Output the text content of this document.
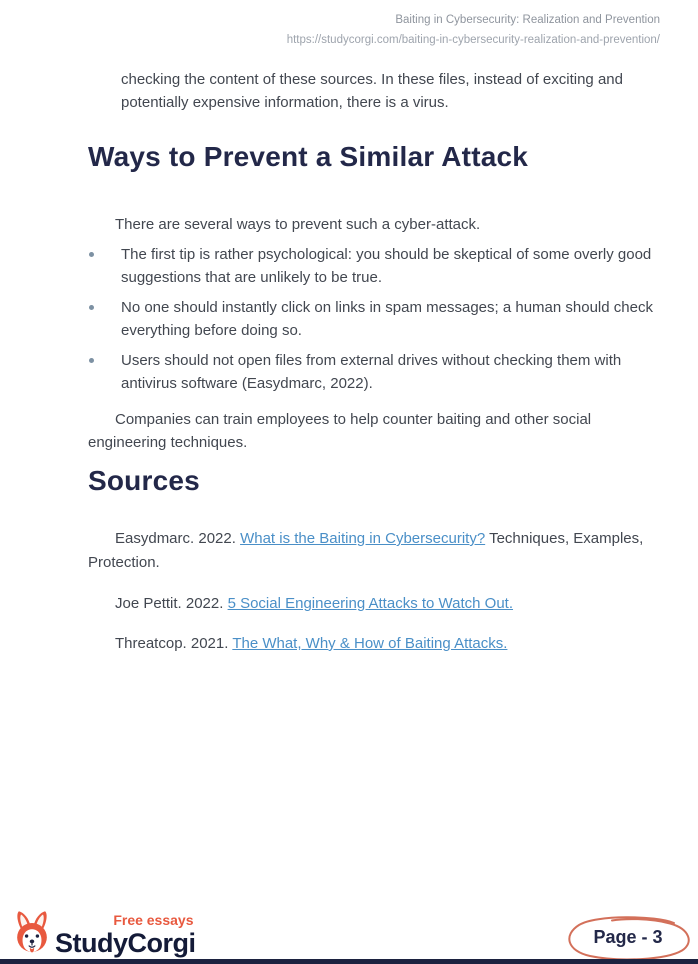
Baiting in Cybersecurity: Realization and Prevention
https://studycorgi.com/baiting-in-cybersecurity-realization-and-prevention/

checking the content of these sources. In these files, instead of exciting and potentially expensive information, there is a virus.

Ways to Prevent a Similar Attack

There are several ways to prevent such a cyber-attack.

The first tip is rather psychological: you should be skeptical of some overly good suggestions that are unlikely to be true.
No one should instantly click on links in spam messages; a human should check everything before doing so.
Users should not open files from external drives without checking them with antivirus software (Easydmarc, 2022).

Companies can train employees to help counter baiting and other social engineering techniques.

Sources

Easydmarc. 2022. What is the Baiting in Cybersecurity? Techniques, Examples, Protection.

Joe Pettit. 2022. 5 Social Engineering Attacks to Watch Out.

Threatcop. 2021. The What, Why & How of Baiting Attacks.

Free essays
StudyCorgi	Page - 3
